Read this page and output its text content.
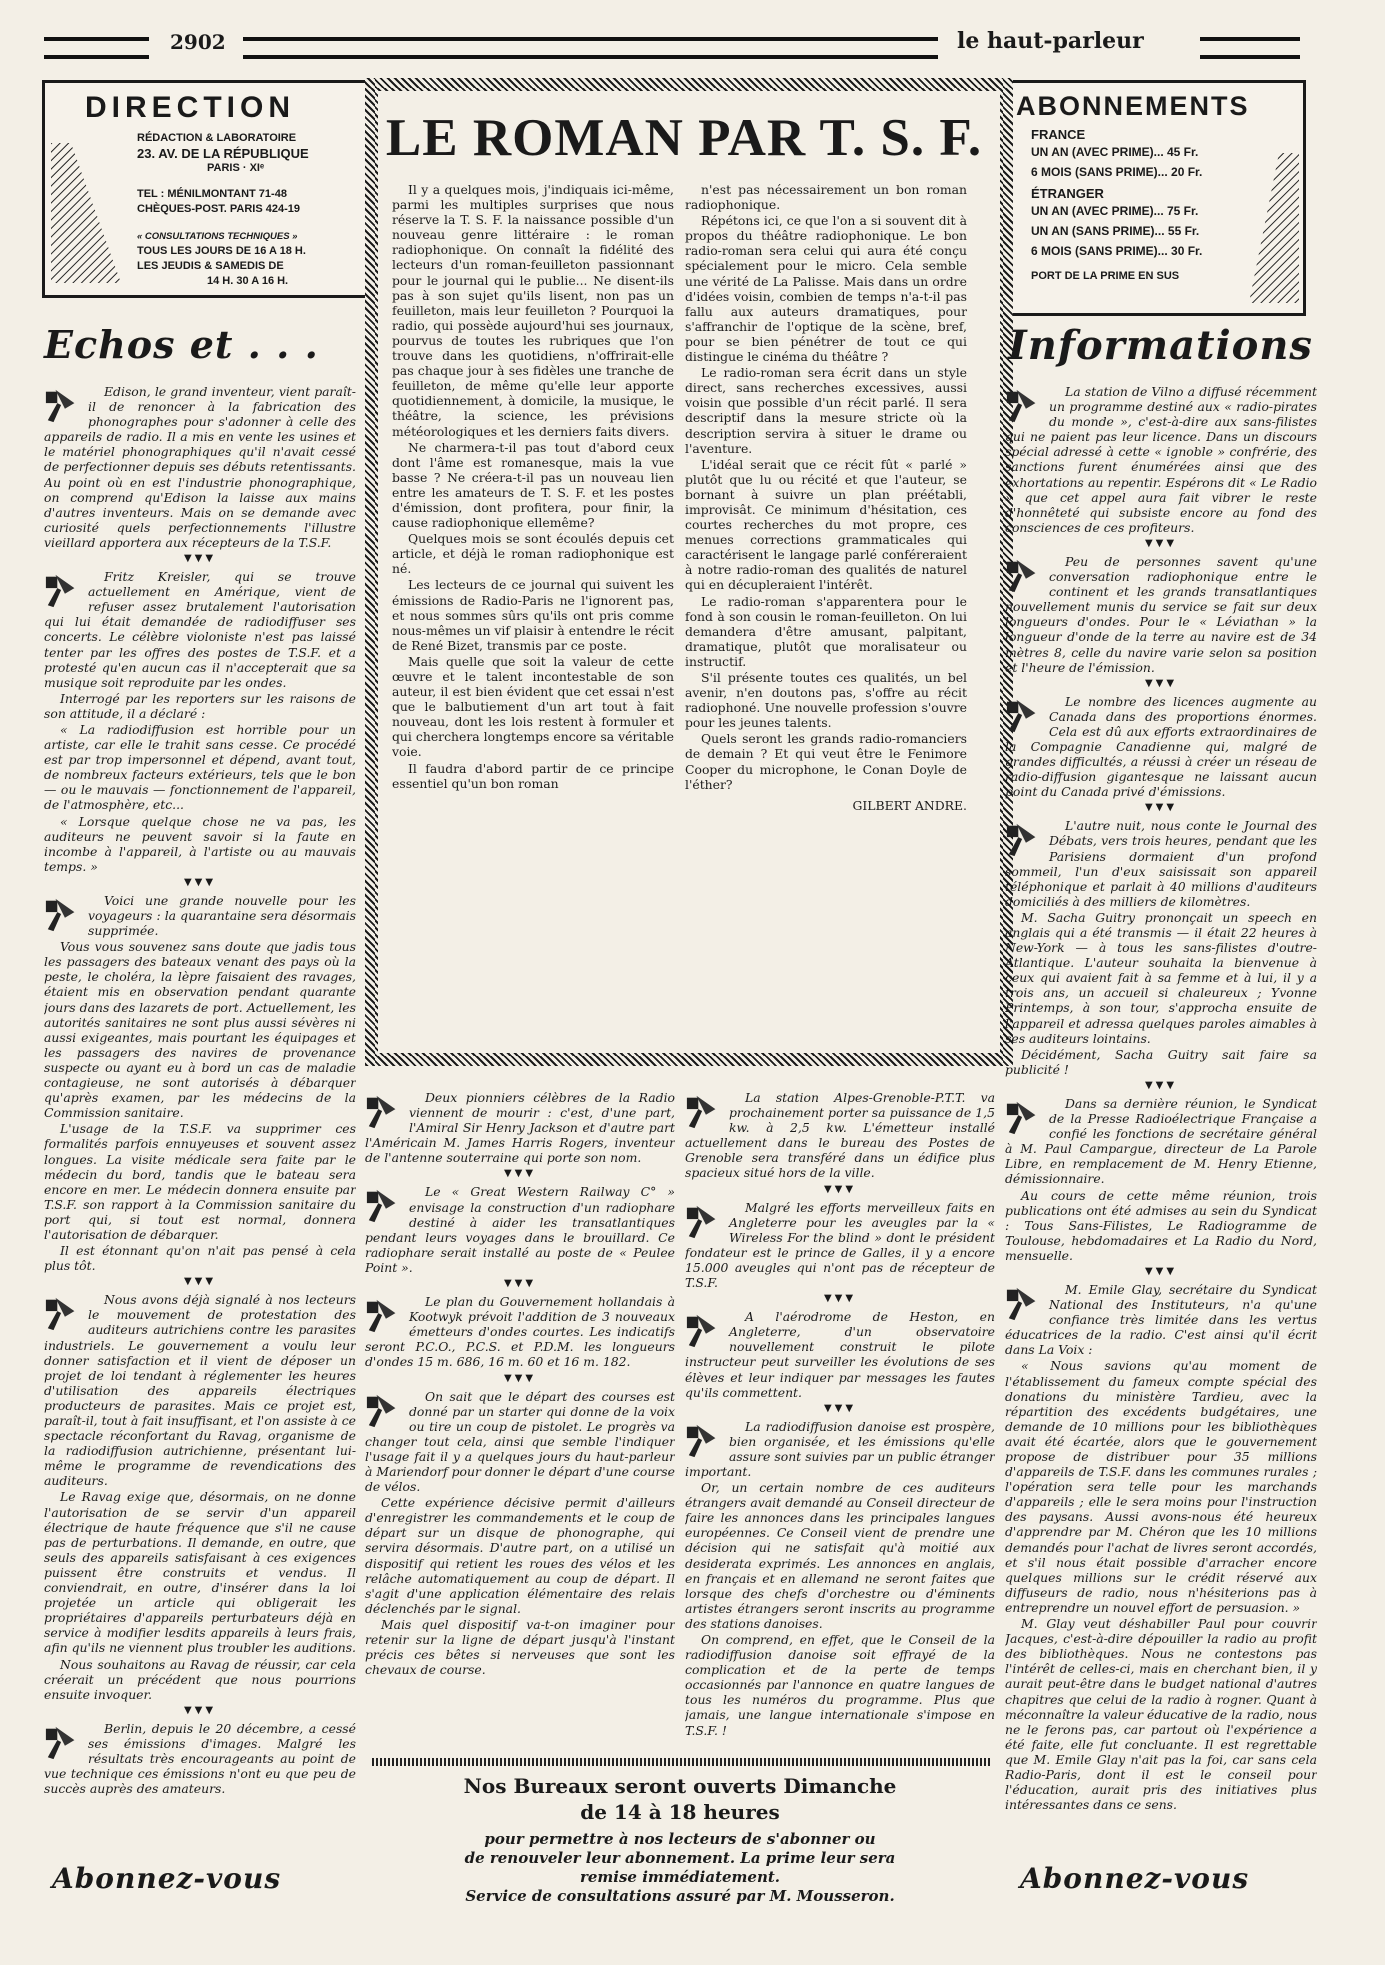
2902	le haut-parleur
DIRECTION
RÉDACTION & LABORATOIRE
23. AV. DE LA RÉPUBLIQUE
PARIS · XIᵉ
TEL : MÉNILMONTANT 71-48
CHÈQUES-POST. PARIS 424-19
« CONSULTATIONS TECHNIQUES »
TOUS LES JOURS DE 16 A 18 H.
LES JEUDIS & SAMEDIS DE
14 H. 30 A 16 H.
ABONNEMENTS
FRANCE
UN AN (AVEC PRIME)... 45 Fr.
6 MOIS (SANS PRIME)... 20 Fr.
ÉTRANGER
UN AN (AVEC PRIME)... 75 Fr.
UN AN (SANS PRIME)... 55 Fr.
6 MOIS (SANS PRIME)... 30 Fr.
PORT DE LA PRIME EN SUS
LE ROMAN PAR T. S. F.

Il y a quelques mois, j'indiquais ici-même, parmi les multiples surprises que nous réserve la T. S. F. la naissance possible d'un nouveau genre littéraire : le roman radiophonique. On connaît la fidélité des lecteurs d'un roman-feuilleton passionnant pour le journal qui le publie... Ne disent-ils pas à son sujet qu'ils lisent, non pas un feuilleton, mais leur feuilleton ? Pourquoi la radio, qui possède aujourd'hui ses journaux, pourvus de toutes les rubriques que l'on trouve dans les quotidiens, n'offrirait-elle pas chaque jour à ses fidèles une tranche de feuilleton, de même qu'elle leur apporte quotidiennement, à domicile, la musique, le théâtre, la science, les prévisions météorologiques et les derniers faits divers.

Ne charmera-t-il pas tout d'abord ceux dont l'âme est romanesque, mais la vue basse ? Ne créera-t-il pas un nouveau lien entre les amateurs de T. S. F. et les postes d'émission, dont profitera, pour finir, la cause radiophonique ellemême?

Quelques mois se sont écoulés depuis cet article, et déjà le roman radiophonique est né.

Les lecteurs de ce journal qui suivent les émissions de Radio-Paris ne l'ignorent pas, et nous sommes sûrs qu'ils ont pris comme nous-mêmes un vif plaisir à entendre le récit de René Bizet, transmis par ce poste.

Mais quelle que soit la valeur de cette œuvre et le talent incontestable de son auteur, il est bien évident que cet essai n'est que le balbutiement d'un art tout à fait nouveau, dont les lois restent à formuler et qui cherchera longtemps encore sa véritable voie.

Il faudra d'abord partir de ce principe essentiel qu'un bon roman

n'est pas nécessairement un bon roman radiophonique.

Répétons ici, ce que l'on a si souvent dit à propos du théâtre radiophonique. Le bon radio-roman sera celui qui aura été conçu spécialement pour le micro. Cela semble une vérité de La Palisse. Mais dans un ordre d'idées voisin, combien de temps n'a-t-il pas fallu aux auteurs dramatiques, pour s'affranchir de l'optique de la scène, bref, pour se bien pénétrer de tout ce qui distingue le cinéma du théâtre ?

Le radio-roman sera écrit dans un style direct, sans recherches excessives, aussi voisin que possible d'un récit parlé. Il sera descriptif dans la mesure stricte où la description servira à situer le drame ou l'aventure.

L'idéal serait que ce récit fût « parlé » plutôt que lu ou récité et que l'auteur, se bornant à suivre un plan préétabli, improvisât. Ce minimum d'hésitation, ces courtes recherches du mot propre, ces menues corrections grammaticales qui caractérisent le langage parlé conféreraient à notre radio-roman des qualités de naturel qui en décupleraient l'intérêt.

Le radio-roman s'apparentera pour le fond à son cousin le roman-feuilleton. On lui demandera d'être amusant, palpitant, dramatique, plutôt que moralisateur ou instructif.

S'il présente toutes ces qualités, un bel avenir, n'en doutons pas, s'offre au récit radiophoné. Une nouvelle profession s'ouvre pour les jeunes talents.

Quels seront les grands radio-romanciers de demain ? Et qui veut être le Fenimore Cooper du microphone, le Conan Doyle de l'éther?

GILBERT ANDRE.
Echos et . . .	Informations

Edison, le grand inventeur, vient paraît-il de renoncer à la fabrication des phonographes pour s'adonner à celle des appareils de radio. Il a mis en vente les usines et le matériel phonographiques qu'il n'avait cessé de perfectionner depuis ses débuts retentissants. Au point où en est l'industrie phonographique, on comprend qu'Edison la laisse aux mains d'autres inventeurs. Mais on se demande avec curiosité quels perfectionnements l'illustre vieillard apportera aux récepteurs de la T.S.F.

▼▼▼

Fritz Kreisler, qui se trouve actuellement en Amérique, vient de refuser assez brutalement l'autorisation qui lui était demandée de radiodiffuser ses concerts. Le célèbre violoniste n'est pas laissé tenter par les offres des postes de T.S.F. et a protesté qu'en aucun cas il n'accepterait que sa musique soit reproduite par les ondes.

Interrogé par les reporters sur les raisons de son attitude, il a déclaré :

« La radiodiffusion est horrible pour un artiste, car elle le trahit sans cesse. Ce procédé est par trop impersonnel et dépend, avant tout, de nombreux facteurs extérieurs, tels que le bon — ou le mauvais — fonctionnement de l'appareil, de l'atmosphère, etc...

« Lorsque quelque chose ne va pas, les auditeurs ne peuvent savoir si la faute en incombe à l'appareil, à l'artiste ou au mauvais temps. »

▼▼▼

Voici une grande nouvelle pour les voyageurs : la quarantaine sera désormais supprimée.

Vous vous souvenez sans doute que jadis tous les passagers des bateaux venant des pays où la peste, le choléra, la lèpre faisaient des ravages, étaient mis en observation pendant quarante jours dans des lazarets de port. Actuellement, les autorités sanitaires ne sont plus aussi sévères ni aussi exigeantes, mais pourtant les équipages et les passagers des navires de provenance suspecte ou ayant eu à bord un cas de maladie contagieuse, ne sont autorisés à débarquer qu'après examen, par les médecins de la Commission sanitaire.

L'usage de la T.S.F. va supprimer ces formalités parfois ennuyeuses et souvent assez longues. La visite médicale sera faite par le médecin du bord, tandis que le bateau sera encore en mer. Le médecin donnera ensuite par T.S.F. son rapport à la Commission sanitaire du port qui, si tout est normal, donnera l'autorisation de débarquer.

Il est étonnant qu'on n'ait pas pensé à cela plus tôt.

▼▼▼

Nous avons déjà signalé à nos lecteurs le mouvement de protestation des auditeurs autrichiens contre les parasites industriels. Le gouvernement a voulu leur donner satisfaction et il vient de déposer un projet de loi tendant à réglementer les heures d'utilisation des appareils électriques producteurs de parasites. Mais ce projet est, paraît-il, tout à fait insuffisant, et l'on assiste à ce spectacle réconfortant du Ravag, organisme de la radiodiffusion autrichienne, présentant lui-même le programme de revendications des auditeurs.

Le Ravag exige que, désormais, on ne donne l'autorisation de se servir d'un appareil électrique de haute fréquence que s'il ne cause pas de perturbations. Il demande, en outre, que seuls des appareils satisfaisant à ces exigences puissent être construits et vendus. Il conviendrait, en outre, d'insérer dans la loi projetée un article qui obligerait les propriétaires d'appareils perturbateurs déjà en service à modifier lesdits appareils à leurs frais, afin qu'ils ne viennent plus troubler les auditions.

Nous souhaitons au Ravag de réussir, car cela créerait un précédent que nous pourrions ensuite invoquer.

▼▼▼

Berlin, depuis le 20 décembre, a cessé ses émissions d'images. Malgré les résultats très encourageants au point de vue technique ces émissions n'ont eu que peu de succès auprès des amateurs.

La station de Vilno a diffusé récemment un programme destiné aux « radio-pirates du monde », c'est-à-dire aux sans-filistes qui ne paient pas leur licence. Dans un discours spécial adressé à cette « ignoble » confrérie, des sanctions furent énumérées ainsi que des exhortations au repentir. Espérons dit « Le Radio » que cet appel aura fait vibrer le reste d'honnêteté qui subsiste encore au fond des consciences de ces profiteurs.

▼▼▼

Peu de personnes savent qu'une conversation radiophonique entre le continent et les grands transatlantiques nouvellement munis du service se fait sur deux longueurs d'ondes. Pour le « Léviathan » la longueur d'onde de la terre au navire est de 34 mètres 8, celle du navire varie selon sa position et l'heure de l'émission.

▼▼▼

Le nombre des licences augmente au Canada dans des proportions énormes. Cela est dû aux efforts extraordinaires de la Compagnie Canadienne qui, malgré de grandes difficultés, a réussi à créer un réseau de radio-diffusion gigantesque ne laissant aucun point du Canada privé d'émissions.

▼▼▼

L'autre nuit, nous conte le Journal des Débats, vers trois heures, pendant que les Parisiens dormaient d'un profond sommeil, l'un d'eux saisissait son appareil téléphonique et parlait à 40 millions d'auditeurs domiciliés à des milliers de kilomètres.

M. Sacha Guitry prononçait un speech en anglais qui a été transmis — il était 22 heures à New-York — à tous les sans-filistes d'outre-Atlantique. L'auteur souhaita la bienvenue à ceux qui avaient fait à sa femme et à lui, il y a trois ans, un accueil si chaleureux ; Yvonne Printemps, à son tour, s'approcha ensuite de l'appareil et adressa quelques paroles aimables à ses auditeurs lointains.

Décidément, Sacha Guitry sait faire sa publicité !

▼▼▼

Dans sa dernière réunion, le Syndicat de la Presse Radioélectrique Française a confié les fonctions de secrétaire général à M. Paul Campargue, directeur de La Parole Libre, en remplacement de M. Henry Etienne, démissionnaire.

Au cours de cette même réunion, trois publications ont été admises au sein du Syndicat : Tous Sans-Filistes, Le Radiogramme de Toulouse, hebdomadaires et La Radio du Nord, mensuelle.

▼▼▼

M. Emile Glay, secrétaire du Syndicat National des Instituteurs, n'a qu'une confiance très limitée dans les vertus éducatrices de la radio. C'est ainsi qu'il écrit dans La Voix :

« Nous savions qu'au moment de l'établissement du fameux compte spécial des donations du ministère Tardieu, avec la répartition des excédents budgétaires, une demande de 10 millions pour les bibliothèques avait été écartée, alors que le gouvernement propose de distribuer pour 35 millions d'appareils de T.S.F. dans les communes rurales ; l'opération sera telle pour les marchands d'appareils ; elle le sera moins pour l'instruction des paysans. Aussi avons-nous été heureux d'apprendre par M. Chéron que les 10 millions demandés pour l'achat de livres seront accordés, et s'il nous était possible d'arracher encore quelques millions sur le crédit réservé aux diffuseurs de radio, nous n'hésiterions pas à entreprendre un nouvel effort de persuasion. »

M. Glay veut déshabiller Paul pour couvrir Jacques, c'est-à-dire dépouiller la radio au profit des bibliothèques. Nous ne contestons pas l'intérêt de celles-ci, mais en cherchant bien, il y aurait peut-être dans le budget national d'autres chapitres que celui de la radio à rogner. Quant à méconnaître la valeur éducative de la radio, nous ne le ferons pas, car partout où l'expérience a été faite, elle fut concluante. Il est regrettable que M. Emile Glay n'ait pas la foi, car sans cela Radio-Paris, dont il est le conseil pour l'éducation, aurait pris des initiatives plus intéressantes dans ce sens.

Deux pionniers célèbres de la Radio viennent de mourir : c'est, d'une part, l'Amiral Sir Henry Jackson et d'autre part l'Américain M. James Harris Rogers, inventeur de l'antenne souterraine qui porte son nom.

▼▼▼

Le « Great Western Railway C° » envisage la construction d'un radiophare destiné à aider les transatlantiques pendant leurs voyages dans le brouillard. Ce radiophare serait installé au poste de « Peulee Point ».

▼▼▼

Le plan du Gouvernement hollandais à Kootwyk prévoit l'addition de 3 nouveaux émetteurs d'ondes courtes. Les indicatifs seront P.C.O., P.C.S. et P.D.M. les longueurs d'ondes 15 m. 686, 16 m. 60 et 16 m. 182.

▼▼▼

On sait que le départ des courses est donné par un starter qui donne de la voix ou tire un coup de pistolet. Le progrès va changer tout cela, ainsi que semble l'indiquer l'usage fait il y a quelques jours du haut-parleur à Mariendorf pour donner le départ d'une course de vélos.

Cette expérience décisive permit d'ailleurs d'enregistrer les commandements et le coup de départ sur un disque de phonographe, qui servira désormais. D'autre part, on a utilisé un dispositif qui retient les roues des vélos et les relâche automatiquement au coup de départ. Il s'agit d'une application élémentaire des relais déclenchés par le signal.

Mais quel dispositif va-t-on imaginer pour retenir sur la ligne de départ jusqu'à l'instant précis ces bêtes si nerveuses que sont les chevaux de course.

La station Alpes-Grenoble-P.T.T. va prochainement porter sa puissance de 1,5 kw. à 2,5 kw. L'émetteur installé actuellement dans le bureau des Postes de Grenoble sera transféré dans un édifice plus spacieux situé hors de la ville.

▼▼▼

Malgré les efforts merveilleux faits en Angleterre pour les aveugles par la « Wireless For the blind » dont le président fondateur est le prince de Galles, il y a encore 15.000 aveugles qui n'ont pas de récepteur de T.S.F.

▼▼▼

A l'aérodrome de Heston, en Angleterre, d'un observatoire nouvellement construit le pilote instructeur peut surveiller les évolutions de ses élèves et leur indiquer par messages les fautes qu'ils commettent.

▼▼▼

La radiodiffusion danoise est prospère, bien organisée, et les émissions qu'elle assure sont suivies par un public étranger important.

Or, un certain nombre de ces auditeurs étrangers avait demandé au Conseil directeur de faire les annonces dans les principales langues européennes. Ce Conseil vient de prendre une décision qui ne satisfait qu'à moitié aux desiderata exprimés. Les annonces en anglais, en français et en allemand ne seront faites que lorsque des chefs d'orchestre ou d'éminents artistes étrangers seront inscrits au programme des stations danoises.

On comprend, en effet, que le Conseil de la radiodiffusion danoise soit effrayé de la complication et de la perte de temps occasionnés par l'annonce en quatre langues de tous les numéros du programme. Plus que jamais, une langue internationale s'impose en T.S.F. !

Nos Bureaux seront ouverts Dimanche
de 14 à 18 heures
pour permettre à nos lecteurs de s'abonner ou
de renouveler leur abonnement. La prime leur sera
remise immédiatement.
Service de consultations assuré par M. Mousseron.
Abonnez-vous	Abonnez-vous
